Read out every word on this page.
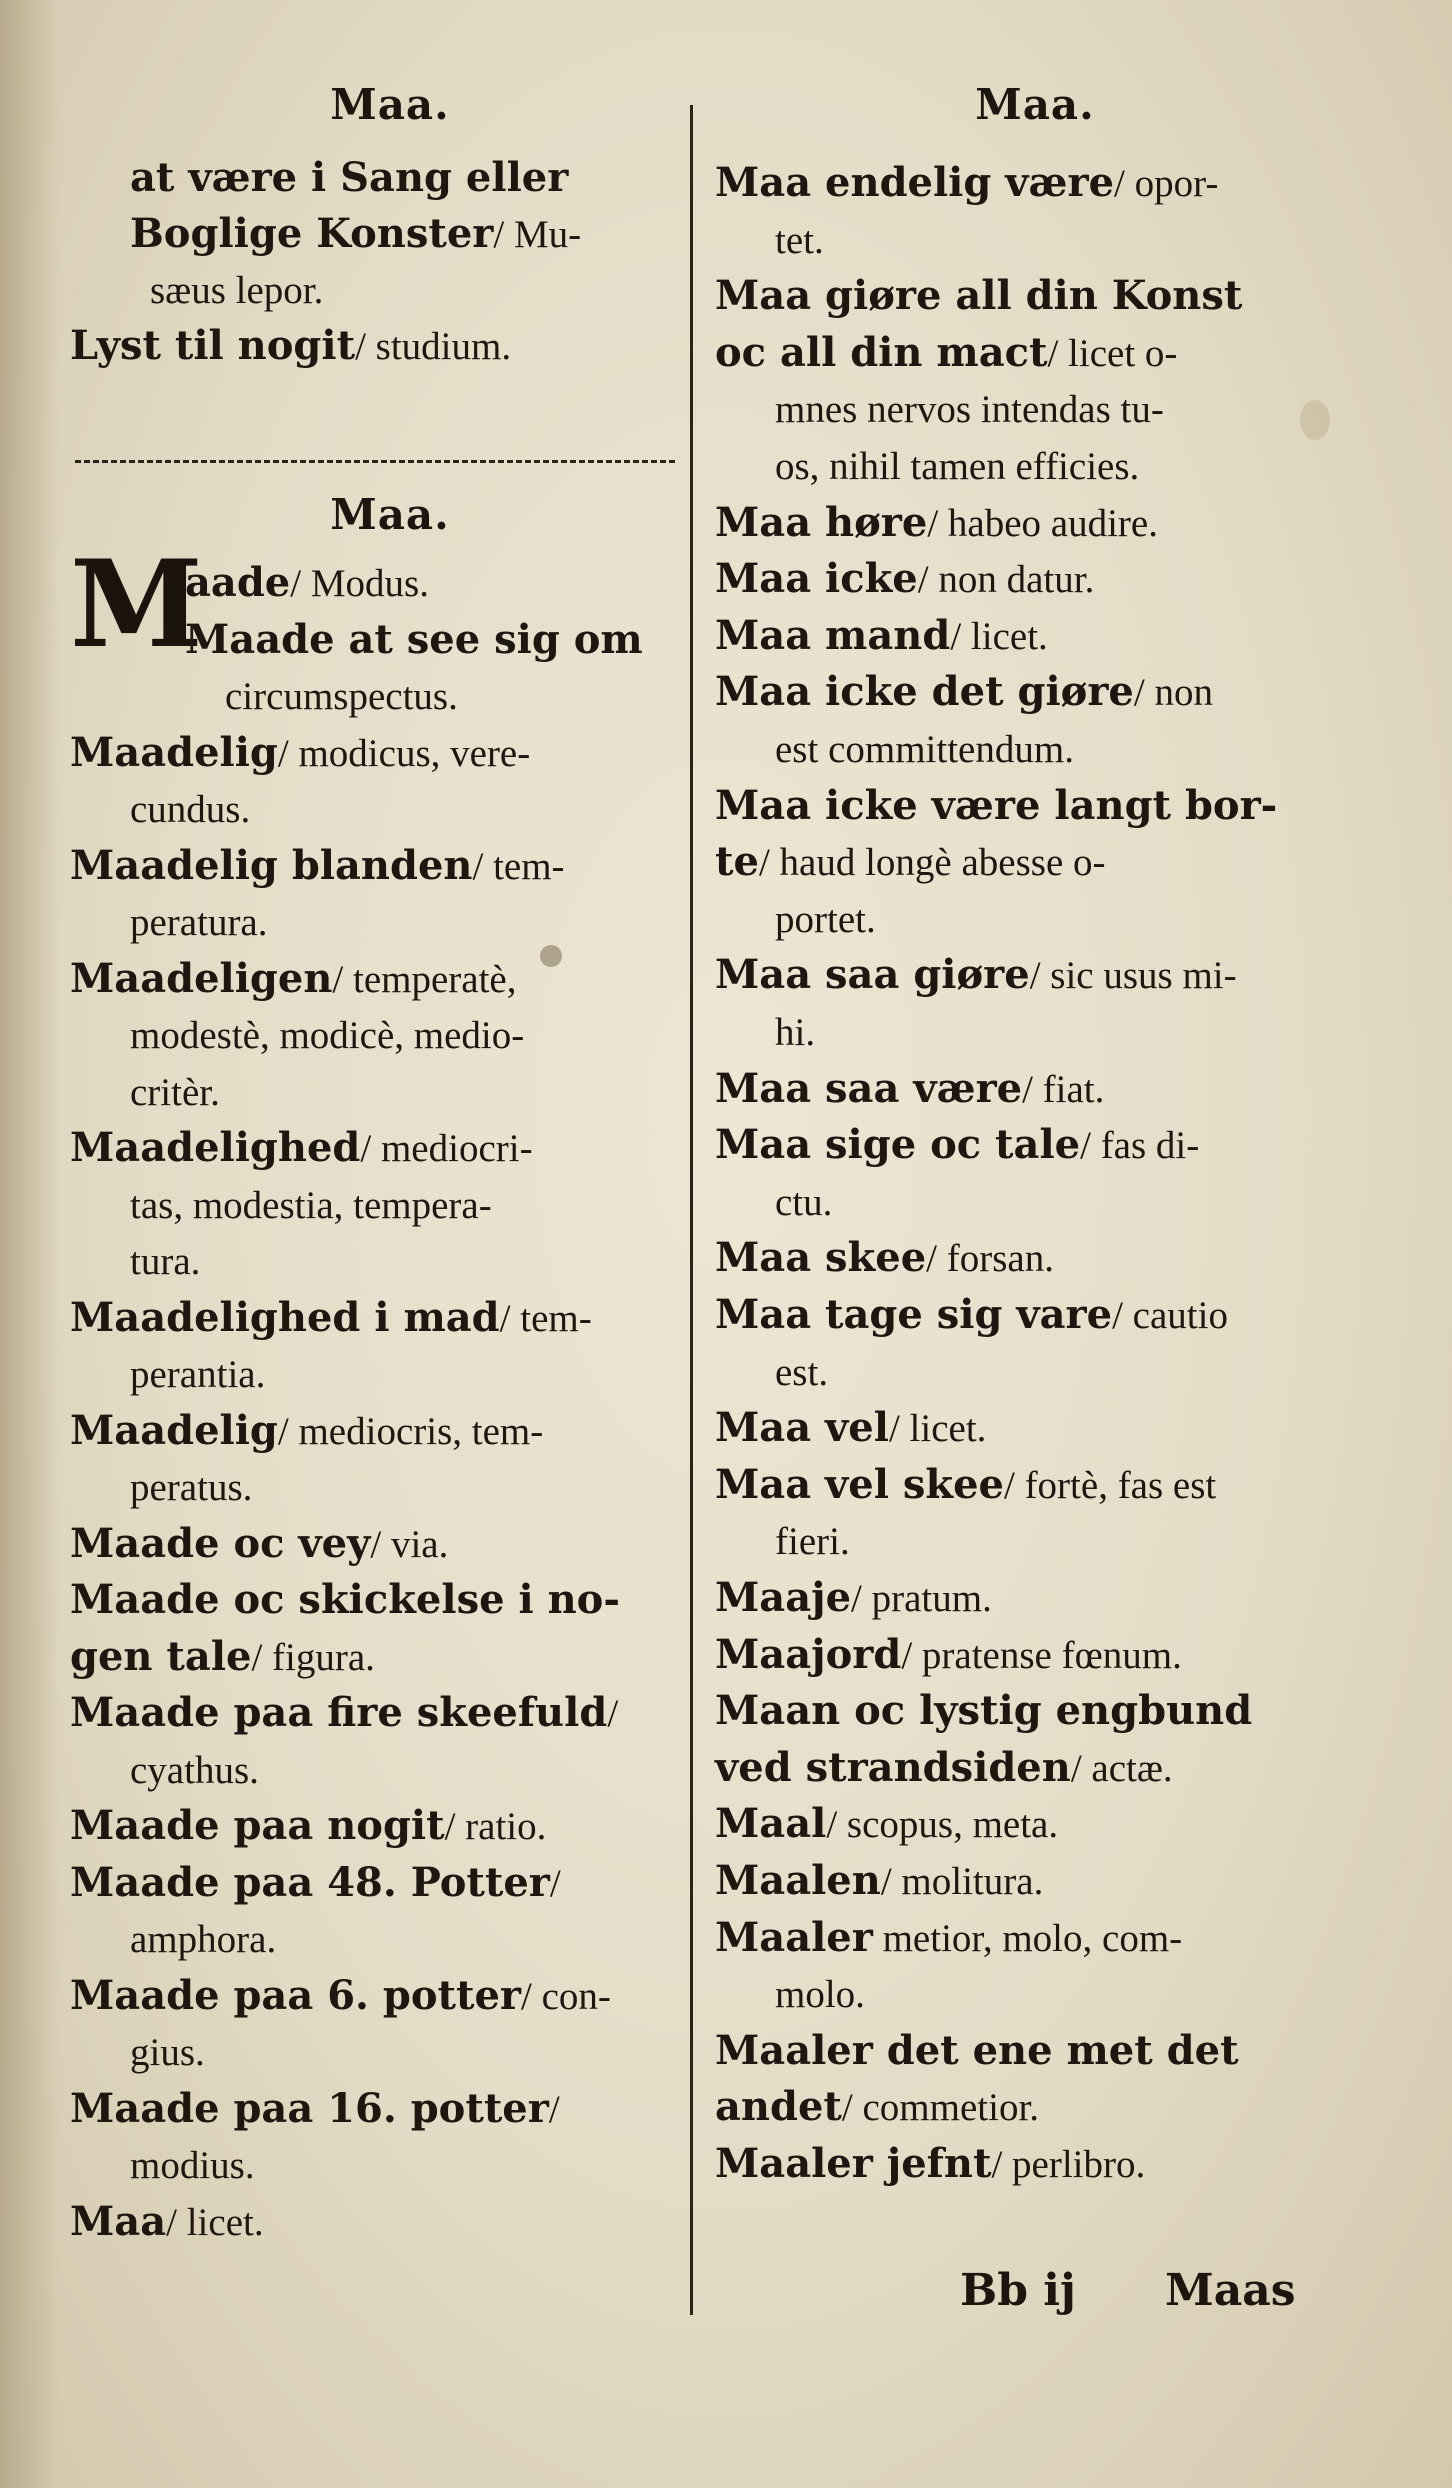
Maa.
Maa.
M
at være i Sang eller
Boglige Konster/ Mu-
sæus lepor.
Lyst til nogit/ studium.
aade/ Modus.
Maade at see sig om
circumspectus.
Maadelig/ modicus, vere-
cundus.
Maadelig blanden/ tem-
peratura.
Maadeligen/ temperatè,
modestè, modicè, medio-
critèr.
Maadelighed/ mediocri-
tas, modestia, tempera-
tura.
Maadelighed i mad/ tem-
perantia.
Maadelig/ mediocris, tem-
peratus.
Maade oc vey/ via.
Maade oc skickelse i no-
gen tale/ figura.
Maade paa fire skeefuld/
cyathus.
Maade paa nogit/ ratio.
Maade paa 48. Potter/
amphora.
Maade paa 6. potter/ con-
gius.
Maade paa 16. potter/
modius.
Maa/ licet.
Maa.
Bb ij Maas
Maa endelig være/ opor-
tet.
Maa giøre all din Konst
oc all din mact/ licet o-
mnes nervos intendas tu-
os, nihil tamen efficies.
Maa høre/ habeo audire.
Maa icke/ non datur.
Maa mand/ licet.
Maa icke det giøre/ non
est committendum.
Maa icke være langt bor-
te/ haud longè abesse o-
portet.
Maa saa giøre/ sic usus mi-
hi.
Maa saa være/ fiat.
Maa sige oc tale/ fas di-
ctu.
Maa skee/ forsan.
Maa tage sig vare/ cautio
est.
Maa vel/ licet.
Maa vel skee/ fortè, fas est
fieri.
Maaje/ pratum.
Maajord/ pratense fœnum.
Maan oc lystig engbund
ved strandsiden/ actæ.
Maal/ scopus, meta.
Maalen/ molitura.
Maaler metior, molo, com-
molo.
Maaler det ene met det
andet/ commetior.
Maaler jefnt/ perlibro.
